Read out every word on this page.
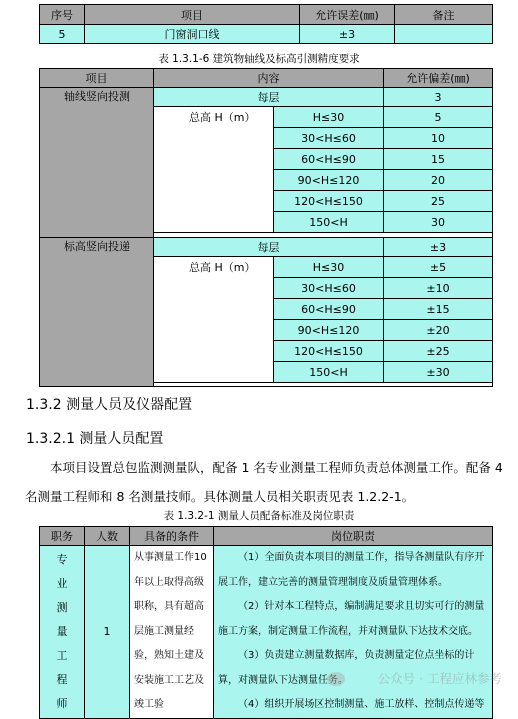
序号	项目	允许误差(㎜)	备注
5	门窗洞口线	±3	
表 1.3.1-6 建筑物轴线及标高引测精度要求
项目	内容		允许偏差(㎜)
轴线竖向投测	每层		3
	总高 H（m）	H≤30	5
		30<H≤60	10
		60<H≤90	15
		90<H≤120	20
		120<H≤150	25
		150<H	30

标高竖向投递	每层		±3
	总高 H（m）	H≤30	±5
		30<H≤60	±10
		60<H≤90	±15
		90<H≤120	±20
		120<H≤150	±25
		150<H	±30

1.3.2 测量人员及仪器配置
1.3.2.1 测量人员配置
本项目设置总包监测测量队，配备 1 名专业测量工程师负责总体测量工作。配备 4 名测量工程师和 8 名测量技师。具体测量人员相关职责见表 1.2.2-1。
表 1.3.2-1 测量人员配备标准及岗位职责
职务	人数	具备的条件	岗位职责

专业测量工程师	1	从事测量工作10年以上取得高级职称，具有超高层施工测量经验，熟知土建及安装施工工艺及竣工验	（1）全面负责本项目的测量工作，指导各测量队有序开展工作，建立完善的测量管理制度及质量管理体系。
（2）针对本工程特点，编制满足要求且切实可行的测量施工方案，制定测量工作流程，并对测量队下达技术交底。
（3）负责建立测量数据库，负责测量定位点坐标的计算，对测量队下达测量任务。
（4）组织开展场区控制测量、施工放样、控制点传递等
公众号 · 工程应林参考
